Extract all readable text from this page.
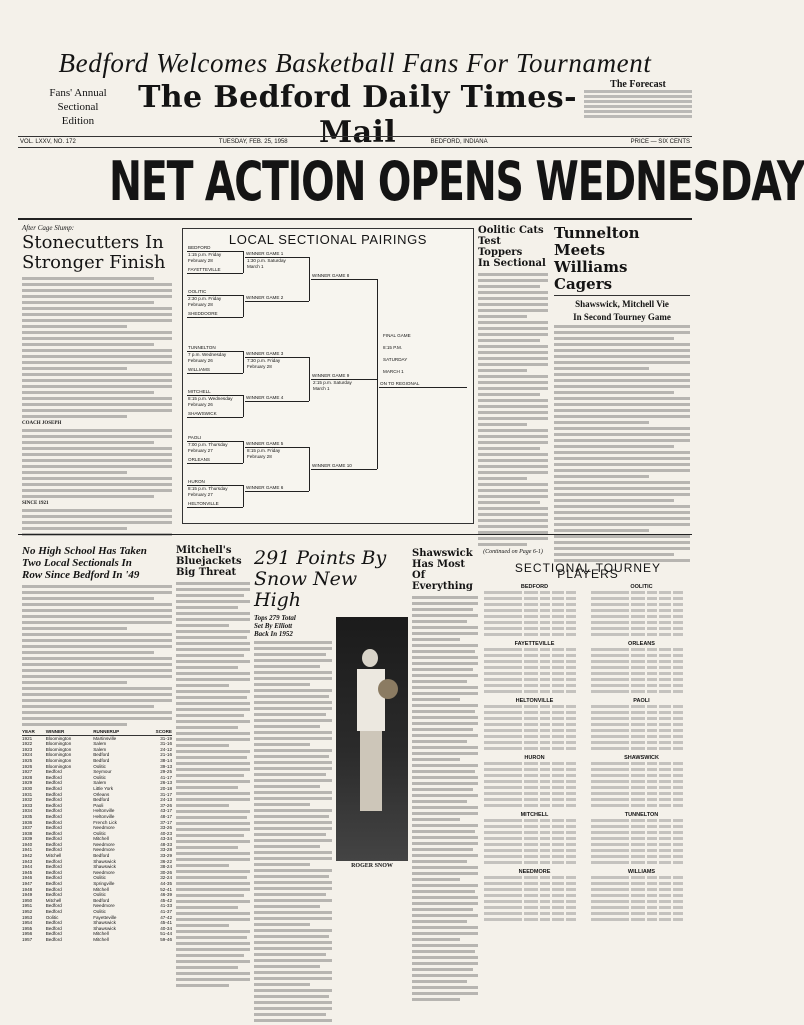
Bedford Welcomes Basketball Fans For Tournament
Fans' Annual
Sectional
Edition
The Bedford Daily Times-Mail
The Forecast
VOL. LXXV, NO. 172	TUESDAY, FEB. 25, 1958	BEDFORD, INDIANA	PRICE — SIX CENTS
NET ACTION OPENS WEDNESDAY
After Cage Slump:
Stonecutters In
Stronger Finish
COACH JOSEPH
SINCE 1921
LOCAL SECTIONAL PAIRINGS
BEDFORD
1:15 p.m. Friday
February 28
FAYETTEVILLE
OOLITIC
2:30 p.m. Friday
February 28
SHEDDOORE
TUNNELTON
7 p.m. Wednesday
February 26
WILLIAMS
MITCHELL
8:15 p.m. Wednesday
February 26
SHAWSWICK
PAOLI
7:00 p.m. Thursday
February 27
ORLEANS
HURON
8:15 p.m. Thursday
February 27
HELTONVILLE
WINNER GAME 1
1:30 p.m. Saturday
March 1
WINNER GAME 2
WINNER GAME 3
7:30 p.m. Friday
February 28
WINNER GAME 4
WINNER GAME 5
8:15 p.m. Friday
February 28
WINNER GAME 6
WINNER GAME 8
WINNER GAME 9
2:15 p.m. Saturday
March 1
WINNER GAME 10
FINAL GAME
8:15 P.M.
SATURDAY
MARCH 1
ON TO REGIONAL
Oolitic Cats
Test Toppers
In Sectional
(Continued on Page 6-1)
Tunnelton Meets
Williams Cagers
Shawswick, Mitchell Vie
In Second Tourney Game
No High School Has Taken
Two Local Sectionals In
Row Since Bedford In '49
YEAR	WINNER	RUNNERUP	SCORE
1921	Bloomington	Martinsville	31-19
1922	Bloomington	Salem	31-16
1923	Bloomington	Salem	24-12
1924	Bloomington	Bedford	21-16
1925	Bloomington	Bedford	38-14
1926	Bloomington	Oolitic	39-13
1927	Bedford	Seymour	29-25
1928	Bedford	Oolitic	41-17
1929	Bedford	Salem	26-13
1930	Bedford	Little York	20-18
1931	Bedford	Orleans	31-17
1932	Bedford	Bedford	24-13
1933	Bedford	Paoli	37-26
1934	Bedford	Heltonville	43-17
1935	Bedford	Heltonville	48-17
1936	Bedford	French Lick	37-17
1937	Bedford	Needmore	33-26
1938	Bedford	Oolitic	40-23
1939	Bedford	Mitchell	43-34
1940	Bedford	Needmore	48-33
1941	Bedford	Needmore	33-28
1942	Mitchell	Bedford	33-29
1943	Bedford	Shawswick	36-22
1944	Bedford	Shawswick	38-24
1945	Bedford	Needmore	30-26
1946	Bedford	Oolitic	32-24
1947	Bedford	Springville	44-35
1948	Bedford	Mitchell	52-41
1949	Bedford	Oolitic	46-39
1950	Mitchell	Bedford	45-42
1951	Bedford	Needmore	41-33
1952	Bedford	Oolitic	41-37
1953	Oolitic	Fayetteville	47-42
1954	Bedford	Shawswick	45-41
1955	Bedford	Shawswick	40-34
1956	Bedford	Mitchell	51-44
1957	Bedford	Mitchell	59-46
Mitchell's
Bluejackets
Big Threat
291 Points By
Snow New High
Tops 279 Total
Set By Elliott
Back In 1952
ROGER SNOW
Shawswick
Has Most Of
Everything
SECTIONAL TOURNEY PLAYERS
BEDFORD
FAYETTEVILLE
HELTONVILLE
HURON
MITCHELL
NEEDMORE
OOLITIC
ORLEANS
PAOLI
SHAWSWICK
TUNNELTON
WILLIAMS
